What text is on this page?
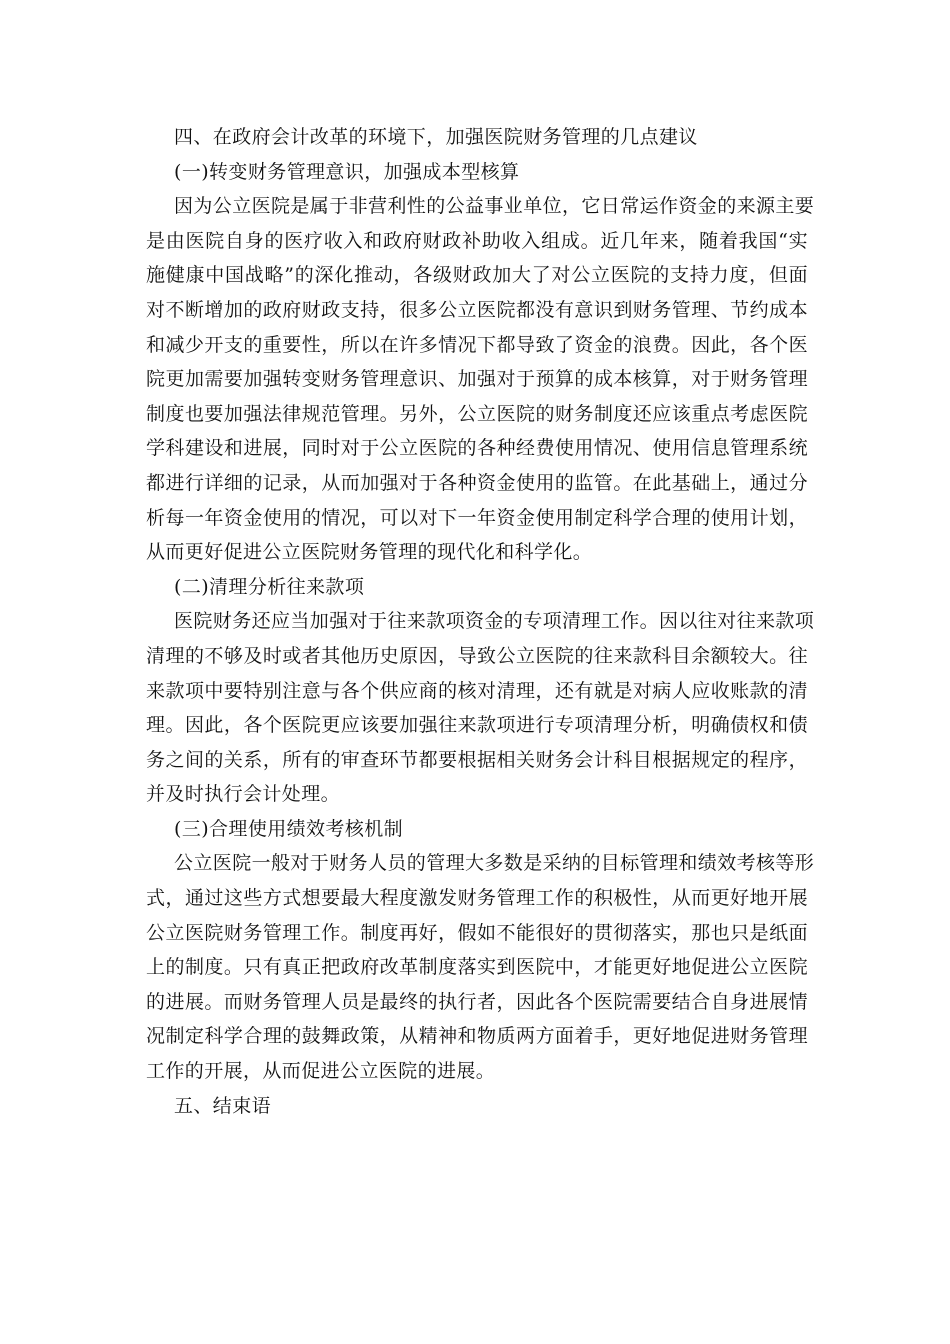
四、在政府会计改革的环境下，加强医院财务管理的几点建议
(一)转变财务管理意识，加强成本型核算
因为公立医院是属于非营利性的公益事业单位，它日常运作资金的来源主要
是由医院自身的医疗收入和政府财政补助收入组成。近几年来，随着我国“实
施健康中国战略”的深化推动，各级财政加大了对公立医院的支持力度，但面
对不断增加的政府财政支持，很多公立医院都没有意识到财务管理、节约成本
和减少开支的重要性，所以在许多情况下都导致了资金的浪费。因此，各个医
院更加需要加强转变财务管理意识、加强对于预算的成本核算，对于财务管理
制度也要加强法律规范管理。另外，公立医院的财务制度还应该重点考虑医院
学科建设和进展，同时对于公立医院的各种经费使用情况、使用信息管理系统
都进行详细的记录，从而加强对于各种资金使用的监管。在此基础上，通过分
析每一年资金使用的情况，可以对下一年资金使用制定科学合理的使用计划，
从而更好促进公立医院财务管理的现代化和科学化。
(二)清理分析往来款项
医院财务还应当加强对于往来款项资金的专项清理工作。因以往对往来款项
清理的不够及时或者其他历史原因，导致公立医院的往来款科目余额较大。往
来款项中要特别注意与各个供应商的核对清理，还有就是对病人应收账款的清
理。因此，各个医院更应该要加强往来款项进行专项清理分析，明确债权和债
务之间的关系，所有的审查环节都要根据相关财务会计科目根据规定的程序，
并及时执行会计处理。
(三)合理使用绩效考核机制
公立医院一般对于财务人员的管理大多数是采纳的目标管理和绩效考核等形
式，通过这些方式想要最大程度激发财务管理工作的积极性，从而更好地开展
公立医院财务管理工作。制度再好，假如不能很好的贯彻落实，那也只是纸面
上的制度。只有真正把政府改革制度落实到医院中，才能更好地促进公立医院
的进展。而财务管理人员是最终的执行者，因此各个医院需要结合自身进展情
况制定科学合理的鼓舞政策，从精神和物质两方面着手，更好地促进财务管理
工作的开展，从而促进公立医院的进展。
五、结束语
